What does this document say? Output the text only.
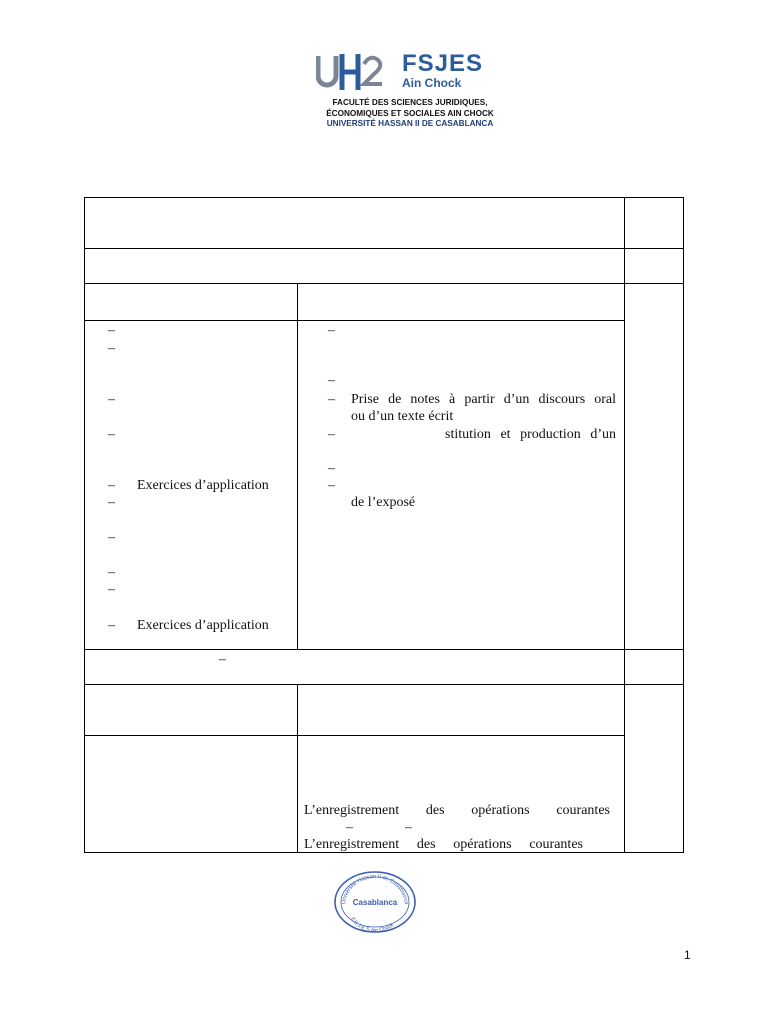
FSJES
Ain Chock
FACULTÉ DES SCIENCES JURIDIQUES,
ÉCONOMIQUES ET SOCIALES AIN CHOCK
UNIVERSITÉ HASSAN II DE CASABLANCA
–
–
–
–
– Exercices d’application
–
–
–
–
– Exercices d’application
–
–
– Prise de notes à partir d’un discours oral
ou d’un texte écrit
–	stitution et production d’un
–
–
de l’exposé
–
L’enregistrement des opérations courantes
–	–
L’enregistrement des opérations courantes
Université Hassan II de Casablanca
Casablanca
F.S.J.E.S Ain Chock
1
